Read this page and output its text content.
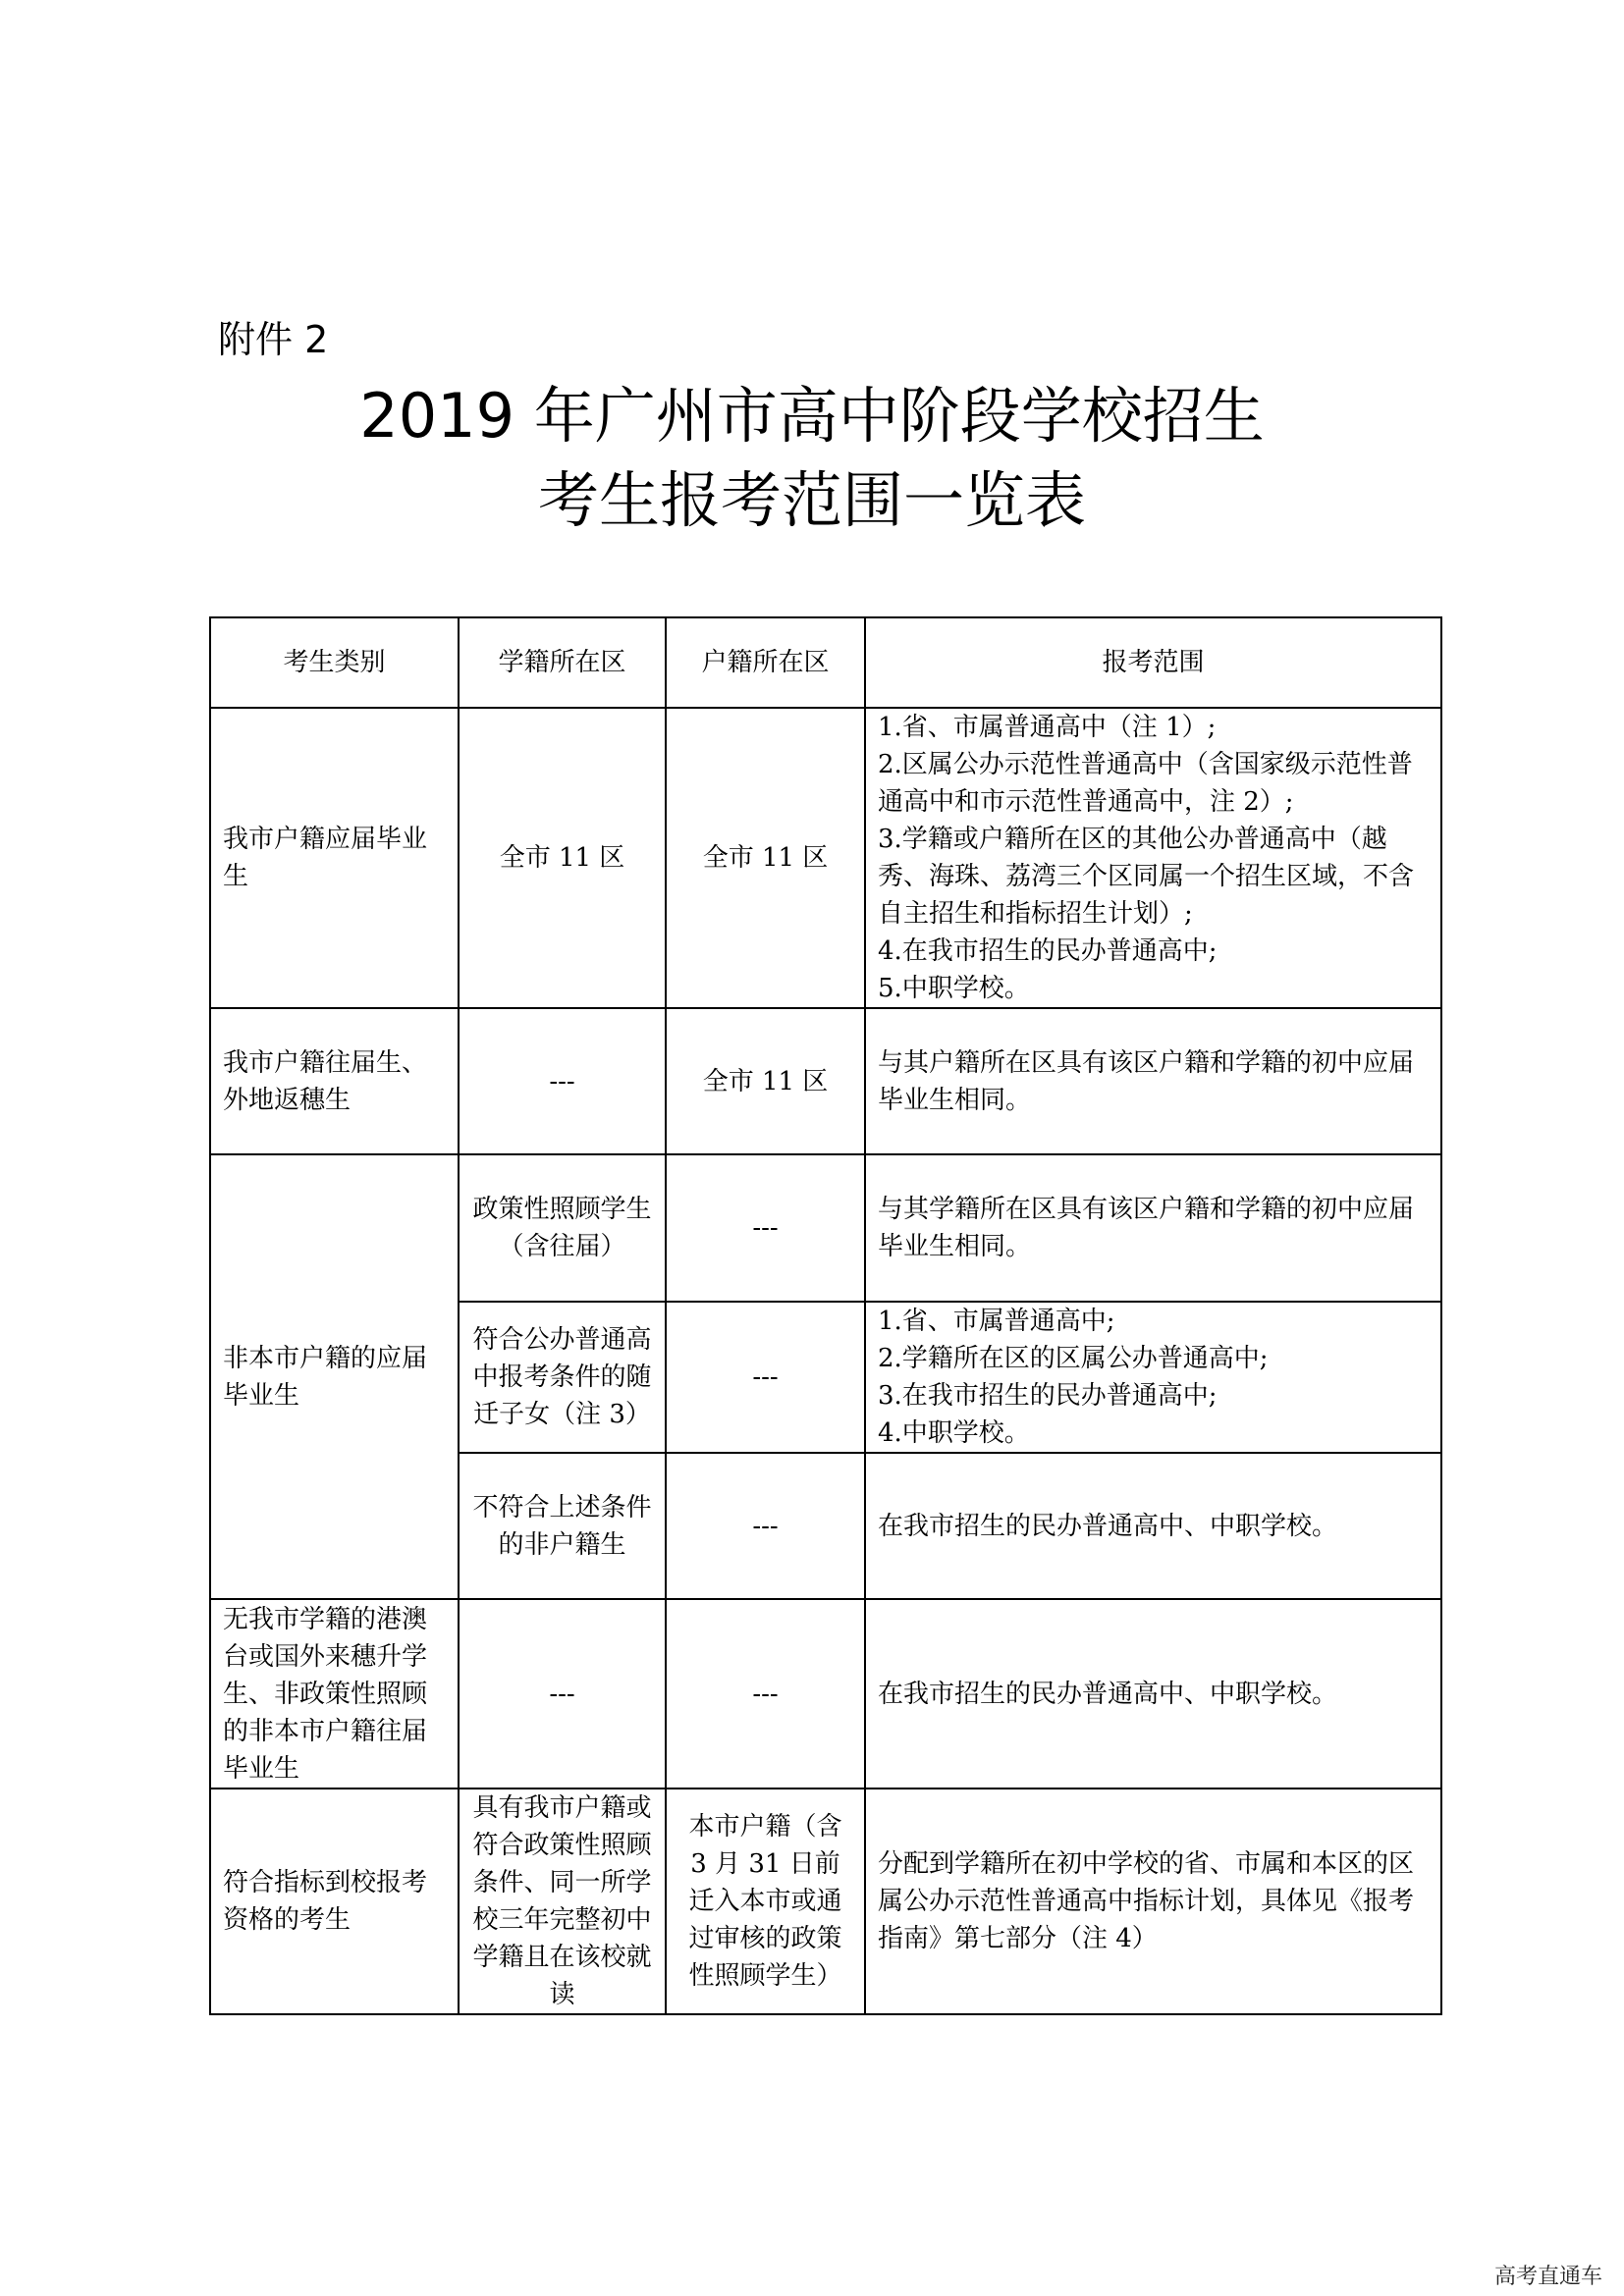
附件 2
2019 年广州市高中阶段学校招生
考生报考范围一览表
考生类别	学籍所在区	户籍所在区	报考范围
我市户籍应届毕业生	全市 11 区	全市 11 区	1.省、市属普通高中（注 1）;
2.区属公办示范性普通高中（含国家级示范性普通高中和市示范性普通高中，注 2）;
3.学籍或户籍所在区的其他公办普通高中（越秀、海珠、荔湾三个区同属一个招生区域，不含自主招生和指标招生计划）;
4.在我市招生的民办普通高中;
5.中职学校。

我市户籍往届生、外地返穗生	---	全市 11 区	与其户籍所在区具有该区户籍和学籍的初中应届毕业生相同。

非本市户籍的应届毕业生	政策性照顾学生（含往届）	---	与其学籍所在区具有该区户籍和学籍的初中应届毕业生相同。

	符合公办普通高中报考条件的随迁子女（注 3）	---	1.省、市属普通高中;
2.学籍所在区的区属公办普通高中;
3.在我市招生的民办普通高中;
4.中职学校。

	不符合上述条件的非户籍生	---	在我市招生的民办普通高中、中职学校。

无我市学籍的港澳台或国外来穗升学生、非政策性照顾的非本市户籍往届毕业生	---	---	在我市招生的民办普通高中、中职学校。

符合指标到校报考资格的考生	具有我市户籍或符合政策性照顾条件、同一所学校三年完整初中学籍且在该校就读	本市户籍（含 3 月 31 日前迁入本市或通过审核的政策性照顾学生）	分配到学籍所在初中学校的省、市属和本区的区属公办示范性普通高中指标计划，具体见《报考指南》第七部分（注 4）
高考直通车
